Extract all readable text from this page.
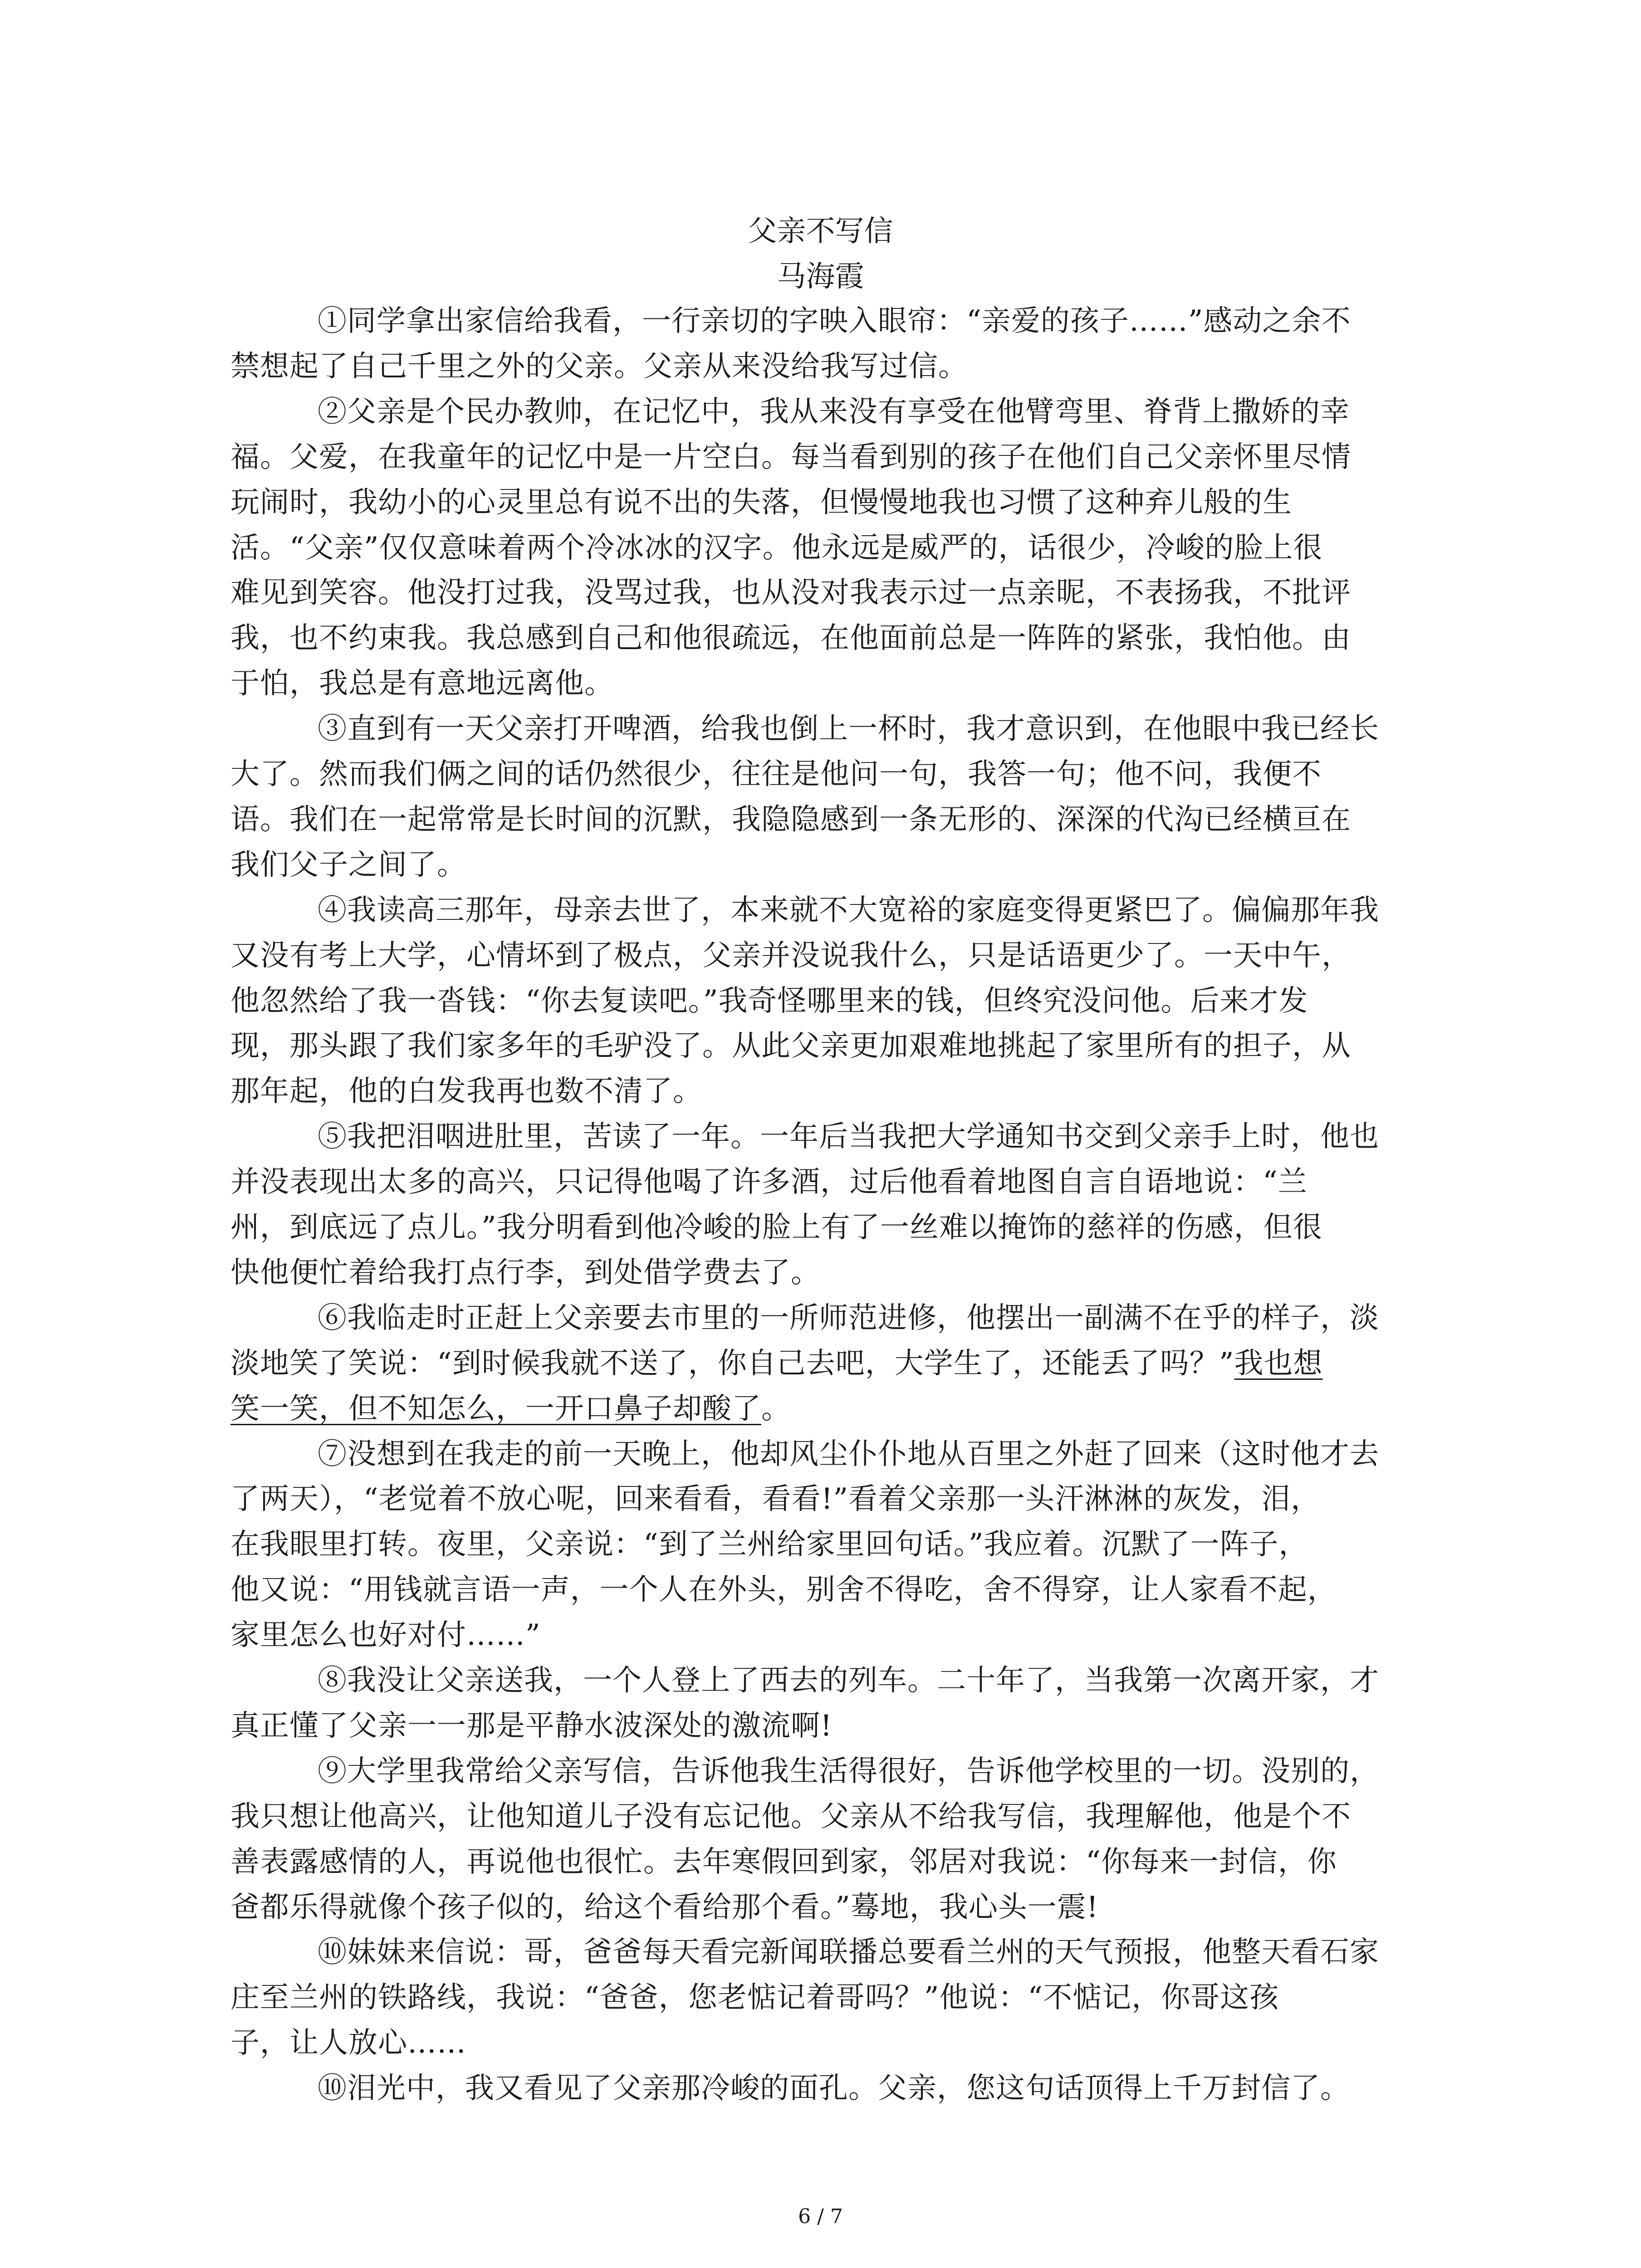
父亲不写信
马海霞
①同学拿出家信给我看，一行亲切的字映入眼帘：“亲爱的孩子……”感动之余不
禁想起了自己千里之外的父亲。父亲从来没给我写过信。
②父亲是个民办教帅，在记忆中，我从来没有享受在他臂弯里、脊背上撒娇的幸
福。父爱，在我童年的记忆中是一片空白。每当看到别的孩子在他们自己父亲怀里尽情
玩闹时，我幼小的心灵里总有说不出的失落，但慢慢地我也习惯了这种弃儿般的生
活。“父亲”仅仅意味着两个冷冰冰的汉字。他永远是威严的，话很少，冷峻的脸上很
难见到笑容。他没打过我，没骂过我，也从没对我表示过一点亲昵，不表扬我，不批评
我，也不约束我。我总感到自己和他很疏远，在他面前总是一阵阵的紧张，我怕他。由
于怕，我总是有意地远离他。
③直到有一天父亲打开啤酒，给我也倒上一杯时，我才意识到，在他眼中我已经长
大了。然而我们俩之间的话仍然很少，往往是他问一句，我答一句；他不问，我便不
语。我们在一起常常是长时间的沉默，我隐隐感到一条无形的、深深的代沟已经横亘在
我们父子之间了。
④我读高三那年，母亲去世了，本来就不大宽裕的家庭变得更紧巴了。偏偏那年我
又没有考上大学，心情坏到了极点，父亲并没说我什么，只是话语更少了。一天中午，
他忽然给了我一沓钱：“你去复读吧。”我奇怪哪里来的钱，但终究没问他。后来才发
现，那头跟了我们家多年的毛驴没了。从此父亲更加艰难地挑起了家里所有的担子，从
那年起，他的白发我再也数不清了。
⑤我把泪咽进肚里，苦读了一年。一年后当我把大学通知书交到父亲手上时，他也
并没表现出太多的高兴，只记得他喝了许多酒，过后他看着地图自言自语地说：“兰
州，到底远了点儿。”我分明看到他冷峻的脸上有了一丝难以掩饰的慈祥的伤感，但很
快他便忙着给我打点行李，到处借学费去了。
⑥我临走时正赶上父亲要去市里的一所师范进修，他摆出一副满不在乎的样子，淡
淡地笑了笑说：“到时候我就不送了，你自己去吧，大学生了，还能丢了吗？”我也想
笑一笑，但不知怎么，一开口鼻子却酸了。
⑦没想到在我走的前一天晚上，他却风尘仆仆地从百里之外赶了回来（这时他才去
了两天），“老觉着不放心呢，回来看看，看看!”看着父亲那一头汗淋淋的灰发，泪，
在我眼里打转。夜里，父亲说：“到了兰州给家里回句话。”我应着。沉默了一阵子，
他又说：“用钱就言语一声，一个人在外头，别舍不得吃，舍不得穿，让人家看不起，
家里怎么也好对付……”
⑧我没让父亲送我，一个人登上了西去的列车。二十年了，当我第一次离开家，才
真正懂了父亲一一那是平静水波深处的激流啊!
⑨大学里我常给父亲写信，告诉他我生活得很好，告诉他学校里的一切。没别的，
我只想让他高兴，让他知道儿子没有忘记他。父亲从不给我写信，我理解他，他是个不
善表露感情的人，再说他也很忙。去年寒假回到家，邻居对我说：“你每来一封信，你
爸都乐得就像个孩子似的，给这个看给那个看。”蓦地，我心头一震!
⑩妹妹来信说：哥，爸爸每天看完新闻联播总要看兰州的天气预报，他整天看石家
庄至兰州的铁路线，我说：“爸爸，您老惦记着哥吗？”他说：“不惦记，你哥这孩
子，让人放心……
⑩泪光中，我又看见了父亲那冷峻的面孔。父亲，您这句话顶得上千万封信了。
6 / 7
